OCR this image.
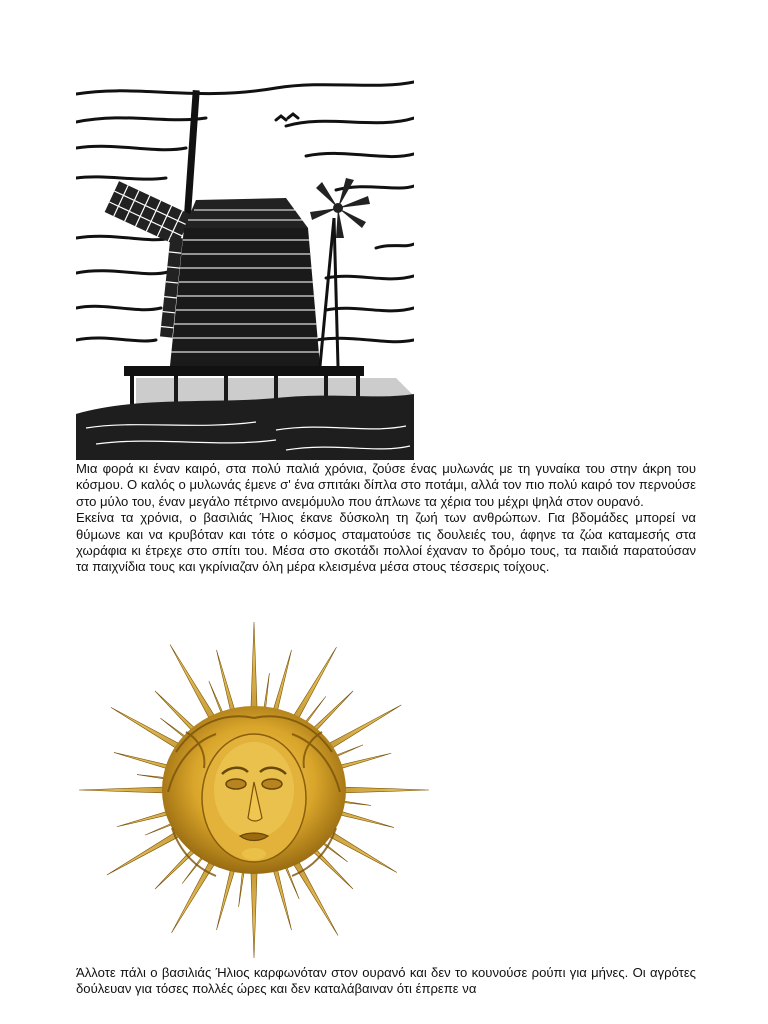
Μια φορά κι έναν καιρό, στα πολύ παλιά χρόνια, ζούσε ένας μυλωνάς με τη γυναίκα του στην άκρη του κόσμου. Ο καλός ο μυλωνάς έμενε σ' ένα σπιτάκι δίπλα στο ποτάμι, αλλά τον πιο πολύ καιρό τον περνούσε στο μύλο του, έναν μεγάλο πέτρινο ανεμόμυλο που άπλωνε τα χέρια του μέχρι ψηλά στον ουρανό.

Εκείνα τα χρόνια, ο βασιλιάς Ήλιος έκανε δύσκολη τη ζωή των ανθρώπων. Για βδομάδες μπορεί να θύμωνε και να κρυβόταν και τότε ο κόσμος σταματούσε τις δουλειές του, άφηνε τα ζώα καταμεσής στα χωράφια κι έτρεχε στο σπίτι του. Μέσα στο σκοτάδι πολλοί έχαναν το δρόμο τους, τα παιδιά παρατούσαν τα παιχνίδια τους και γκρίνιαζαν όλη μέρα κλεισμένα μέσα στους τέσσερις τοίχους.

Άλλοτε πάλι ο βασιλιάς Ήλιος καρφωνόταν στον ουρανό και δεν το κουνούσε ρούπι για μήνες. Οι αγρότες δούλευαν για τόσες πολλές ώρες και δεν καταλάβαιναν ότι έπρεπε να
